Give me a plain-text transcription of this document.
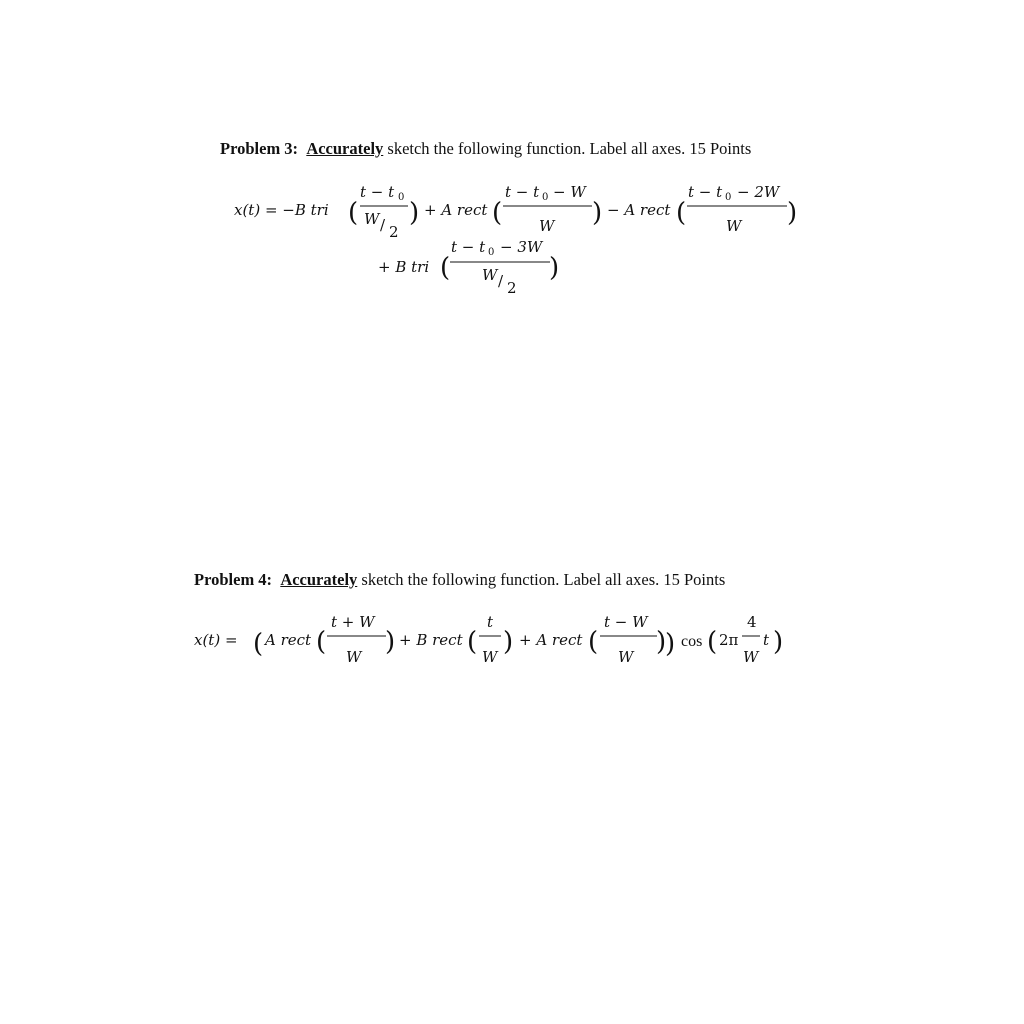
Problem 3: Accurately sketch the following function. Label all axes. 15 Points
Problem 4: Accurately sketch the following function. Label all axes. 15 Points
x(t) = −B tri (
t − t 0
W / 2
) + A rect (
t − t 0 − W
W ) − A rect (
t − t 0 − 2W
W )
+ B tri (
t − t 0 − 3W
W / 2
)
x(t) = ( A rect (
t + W
W ) + B rect (
t
W ) + A rect (
t − W
W )
) cos ( 2π
4
W
t )
